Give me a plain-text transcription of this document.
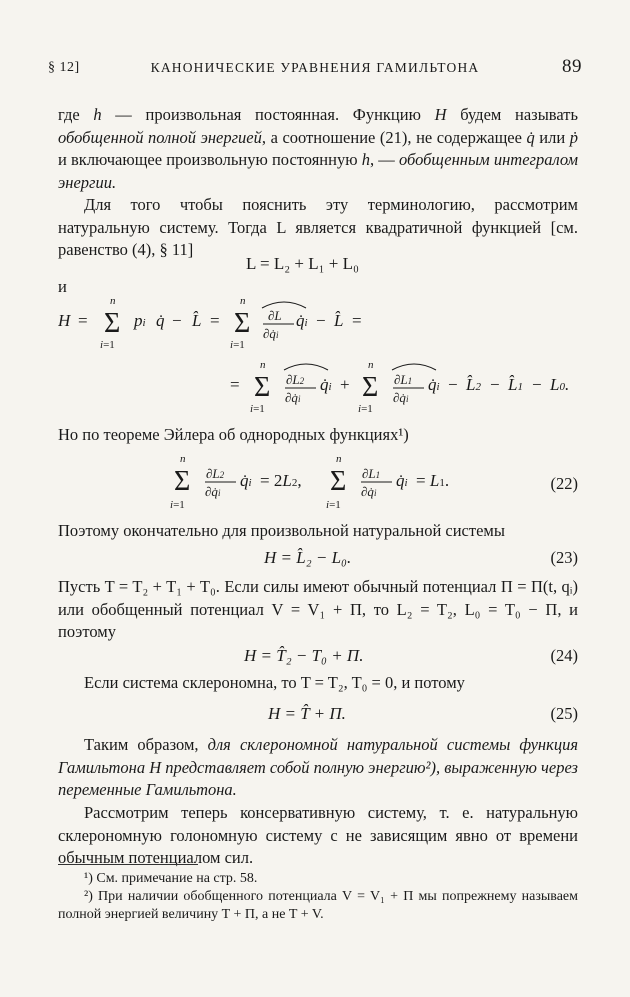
§ 12]	КАНОНИЧЕСКИЕ УРАВНЕНИЯ ГАМИЛЬТОНА	89
где h — произвольная постоянная. Функцию H будем называть обобщенной полной энергией, а соотношение (21), не содержащее q̇ или ṗ и включающее произвольную постоянную h, — обобщенным интегралом энергии.
Для того чтобы пояснить эту терминологию, рассмотрим натуральную систему. Тогда L является квадратичной функцией [см. равенство (4), § 11]
L = L₂ + L₁ + L₀
и
H = Σ
n
i=1
pi q̇ − L̂ = Σ
n
i=1
∂L
∂q̇i
q̇i − L̂ =
= Σ
n
i=1
∂L2
∂q̇i
q̇i + Σ
n
i=1
∂L1
∂q̇i
q̇i − L̂2 − L̂1 − L0.
Но по теореме Эйлера об однородных функциях¹)
Σ
n
i=1
∂L2
∂q̇i
q̇i = 2L2, Σ
n
i=1
∂L1
∂q̇i
q̇i = L1.	(22)
Поэтому окончательно для произвольной натуральной системы
H = L̂₂ − L₀.	(23)
Пусть T = T₂ + T₁ + T₀. Если силы имеют обычный потенциал Π = Π(t, qᵢ) или обобщенный потенциал V = V₁ + Π, то L₂ = T₂, L₀ = T₀ − Π, и поэтому
H = T̂₂ − T₀ + Π.	(24)
Если система склерономна, то T = T₂, T₀ = 0, и потому
H = T̂ + Π.	(25)
Таким образом, для склерономной натуральной системы функция Гамильтона H представляет собой полную энергию²), выраженную через переменные Гамильтона.
Рассмотрим теперь консервативную систему, т. е. натуральную склерономную голономную систему с не зависящим явно от времени обычным потенциалом сил.
¹) См. примечание на стр. 58.
²) При наличии обобщенного потенциала V = V₁ + Π мы попрежнему называем полной энергией величину T + Π, а не T + V.
